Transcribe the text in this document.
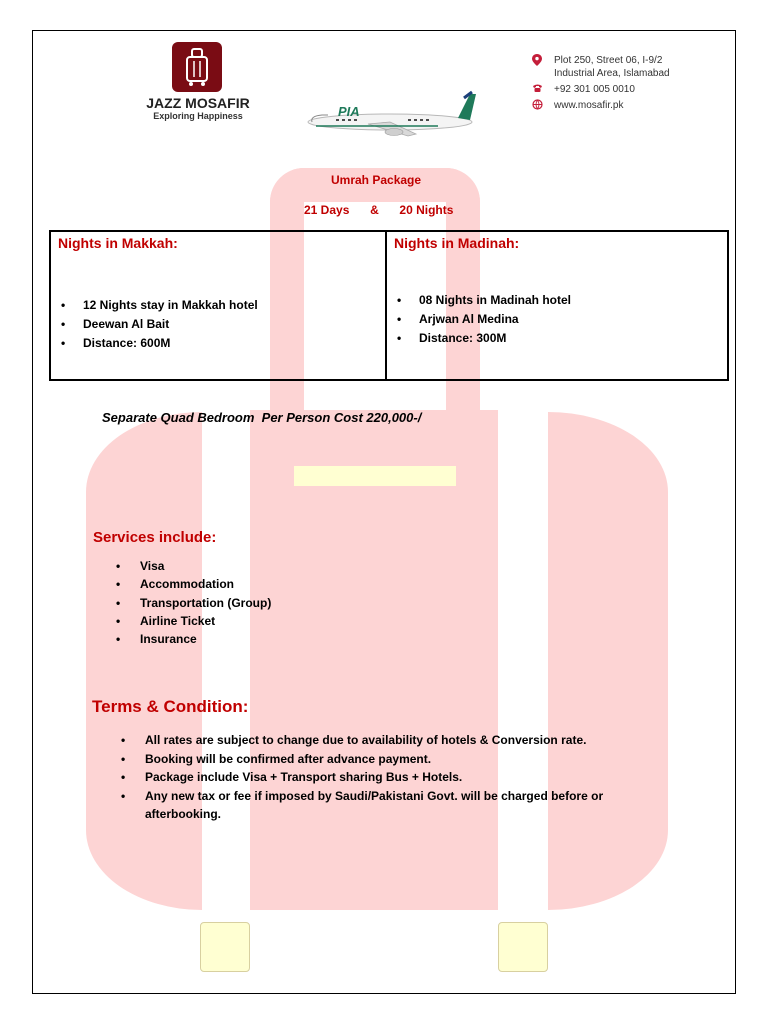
JAZZ MOSAFIR
Exploring Happiness	PIA
Plot 250, Street 06, I-9/2
Industrial Area, Islamabad
+92 301 005 0010
www.mosafir.pk
Umrah Package
21 Days & 20 Nights
Nights in Makkah:
• 12 Nights stay in Makkah hotel
• Deewan Al Bait
• Distance: 600M
Nights in Madinah:
• 08 Nights in Madinah hotel
• Arjwan Al Medina
• Distance: 300M
Separate Quad Bedroom  Per Person Cost 220,000-/
Services include:
• Visa
• Accommodation
• Transportation (Group)
• Airline Ticket
• Insurance
Terms & Condition:
• All rates are subject to change due to availability of hotels & Conversion rate.
• Booking will be confirmed after advance payment.
• Package include Visa + Transport sharing Bus + Hotels.
• Any new tax or fee if imposed by Saudi/Pakistani Govt. will be charged before or afterbooking.
